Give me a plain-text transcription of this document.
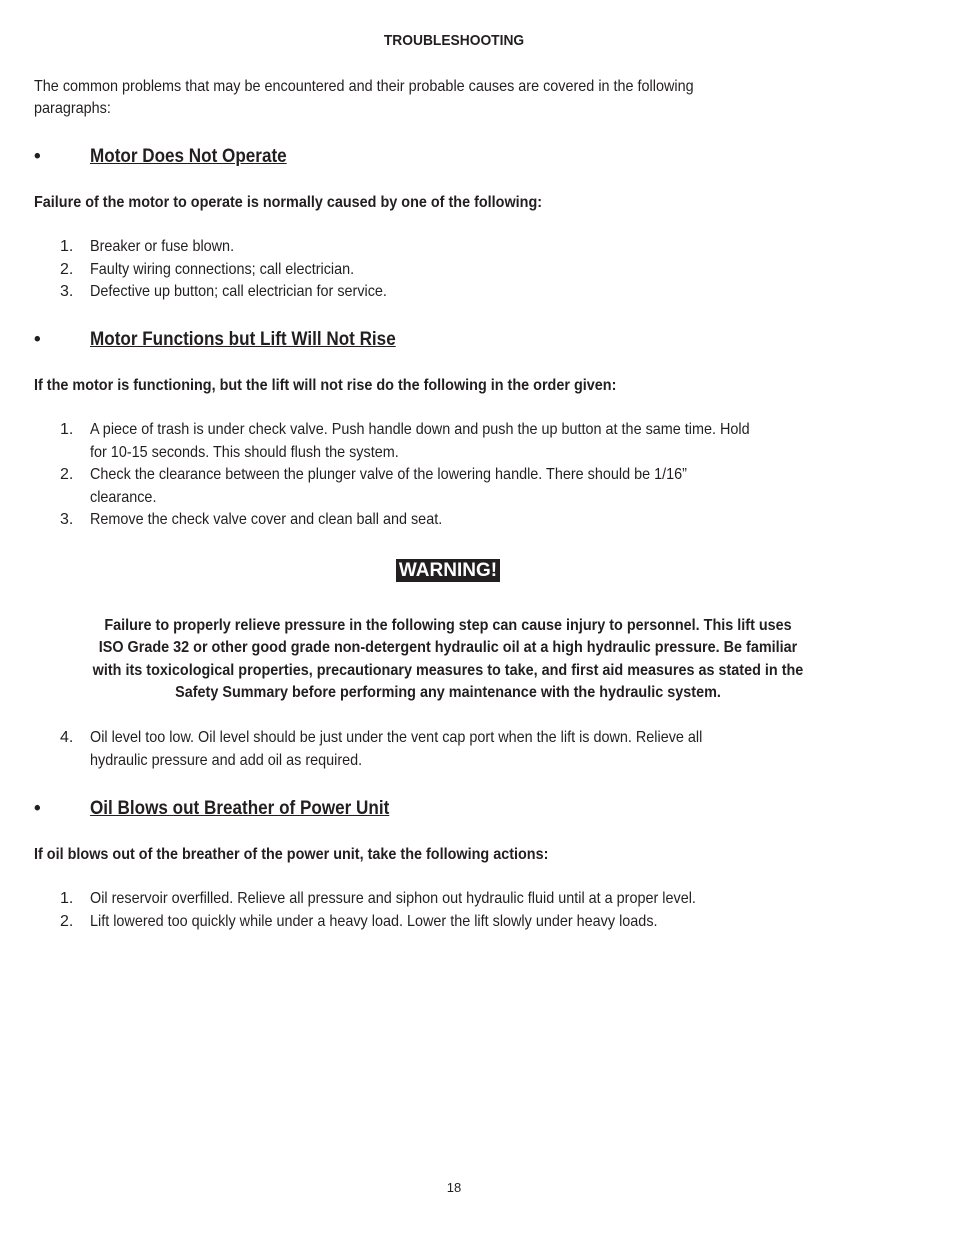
TROUBLESHOOTING
The common problems that may be encountered and their probable causes are covered in the following
paragraphs:
•	Motor Does Not Operate
Failure of the motor to operate is normally caused by one of the following:
1. Breaker or fuse blown.
2. Faulty wiring connections; call electrician.
3. Defective up button; call electrician for service.
•	Motor Functions but Lift Will Not Rise
If the motor is functioning, but the lift will not rise do the following in the order given:
1. A piece of trash is under check valve. Push handle down and push the up button at the same time. Hold
for 10-15 seconds. This should flush the system.
2. Check the clearance between the plunger valve of the lowering handle. There should be 1/16”
clearance.
3. Remove the check valve cover and clean ball and seat.
WARNING!
Failure to properly relieve pressure in the following step can cause injury to personnel. This lift uses
ISO Grade 32 or other good grade non-detergent hydraulic oil at a high hydraulic pressure. Be familiar
with its toxicological properties, precautionary measures to take, and first aid measures as stated in the
Safety Summary before performing any maintenance with the hydraulic system.
4. Oil level too low. Oil level should be just under the vent cap port when the lift is down. Relieve all
hydraulic pressure and add oil as required.
•	Oil Blows out Breather of Power Unit
If oil blows out of the breather of the power unit, take the following actions:
1. Oil reservoir overfilled. Relieve all pressure and siphon out hydraulic fluid until at a proper level.
2. Lift lowered too quickly while under a heavy load. Lower the lift slowly under heavy loads.
18
